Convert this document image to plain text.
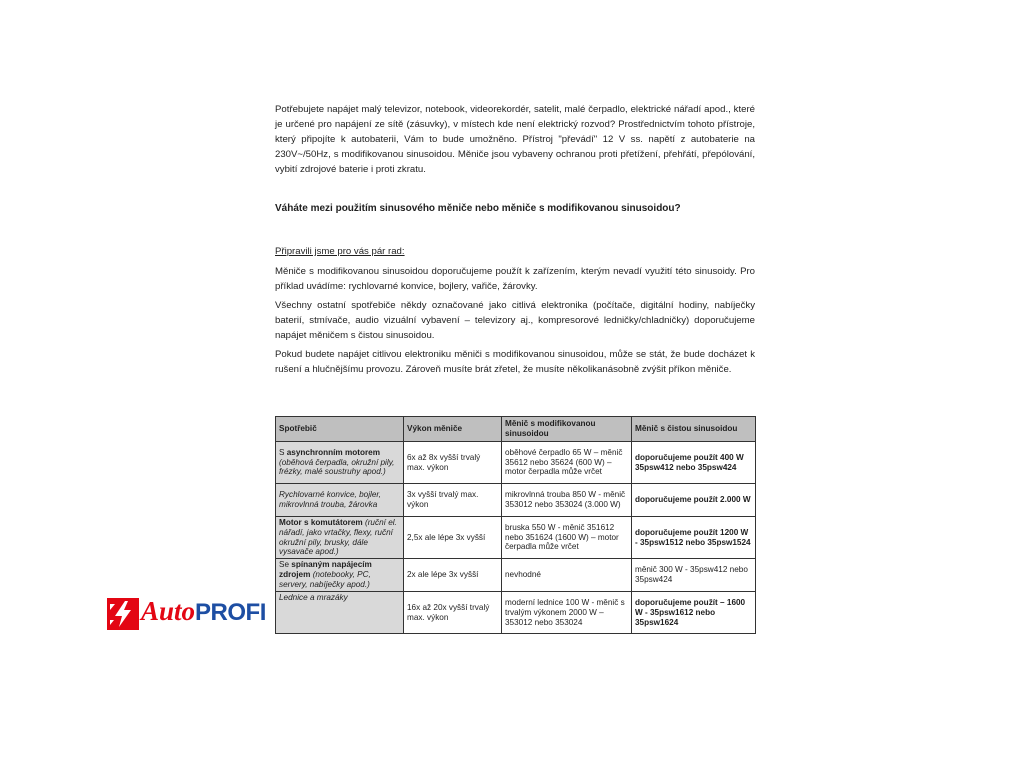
Potřebujete napájet malý televizor, notebook, videorekordér, satelit, malé čerpadlo, elektrické nářadí apod., které je určené pro napájení ze sítě (zásuvky), v místech kde není elektrický rozvod? Prostřednictvím tohoto přístroje, který připojíte k autobaterii, Vám to bude umožněno. Přístroj "převádí" 12 V ss. napětí z autobaterie na 230V~/50Hz, s modifikovanou sinusoidou. Měniče jsou vybaveny ochranou proti přetížení, přehřátí, přepólování, vybití zdrojové baterie i proti zkratu.

Váháte mezi použitím sinusového měniče nebo měniče s modifikovanou sinusoidou?

Připravili jsme pro vás pár rad:

Měniče s modifikovanou sinusoidou doporučujeme použít k zařízením, kterým nevadí využití této sinusoidy. Pro příklad uvádíme: rychlovarné konvice, bojlery, vařiče, žárovky.

Všechny ostatní spotřebiče někdy označované jako citlivá elektronika (počítače, digitální hodiny, nabíječky baterií, stmívače, audio vizuální vybavení – televizory aj., kompresorové ledničky/chladničky) doporučujeme napájet měničem s čistou sinusoidou.

Pokud budete napájet citlivou elektroniku měniči s modifikovanou sinusoidou, může se stát, že bude docházet k rušení a hlučnějšímu provozu. Zároveň musíte brát zřetel, že musíte několikanásobně zvýšit příkon měniče.

Spotřebič	Výkon měniče	Měnič s modifikovanou sinusoidou	Měnič s čistou sinusoidou
S asynchronním motorem (oběhová čerpadla, okružní pily, frézky, malé soustruhy apod.)	6x až 8x vyšší trvalý max. výkon	oběhové čerpadlo 65 W – měnič 35612 nebo 35624 (600 W) – motor čerpadla může vrčet	doporučujeme použít 400 W 35psw412 nebo 35psw424
Rychlovarné konvice, bojler, mikrovlnná trouba, žárovka	3x vyšší trvalý max. výkon	mikrovlnná trouba 850 W - měnič 353012 nebo 353024 (3.000 W)	doporučujeme použít 2.000 W
Motor s komutátorem (ruční el. nářadí, jako vrtačky, flexy, ruční okružní pily, brusky, dále vysavače apod.)	2,5x ale lépe 3x vyšší	bruska 550 W - měnič 351612 nebo 351624 (1600 W) – motor čerpadla může vrčet	doporučujeme použít 1200 W - 35psw1512 nebo 35psw1524
Se spínaným napájecím zdrojem (notebooky, PC, servery, nabíječky apod.)	2x ale lépe 3x vyšší	nevhodné	měnič 300 W - 35psw412 nebo 35psw424
Lednice a mrazáky	16x až 20x vyšší trvalý max. výkon	moderní lednice 100 W - měnič s trvalým výkonem 2000 W – 353012 nebo 353024	doporučujeme použít – 1600 W - 35psw1612 nebo 35psw1624
AutoPROFI
